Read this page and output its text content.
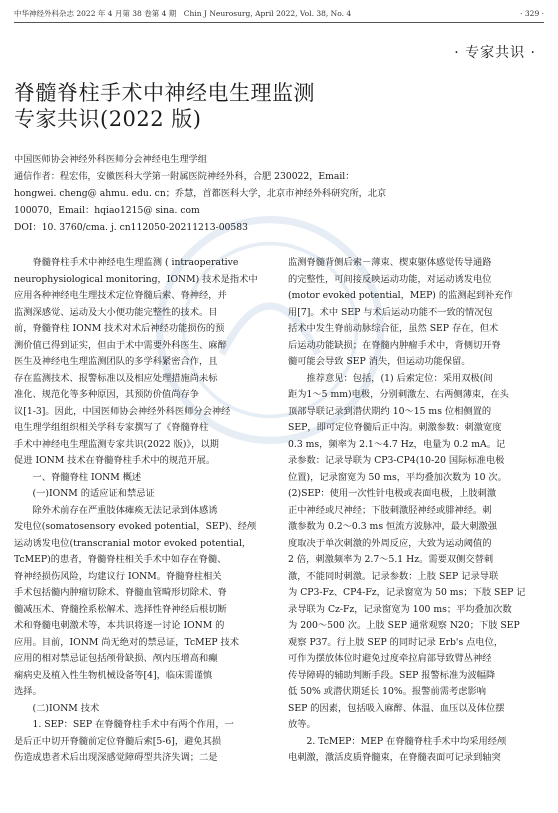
中华神经外科杂志 2022 年 4 月第 38 卷第 4 期　Chin J Neurosurg, April 2022, Vol. 38, No. 4	· 329 ·
· 专家共识 ·
脊髓脊柱手术中神经电生理监测
专家共识(2022 版)
中国医师协会神经外科医师分会神经电生理学组
通信作者：程宏伟，安徽医科大学第一附属医院神经外科，合肥 230022，Email：
hongwei. cheng@ ahmu. edu. cn；乔慧，首都医科大学，北京市神经外科研究所，北京
100070，Email：hqiao1215@ sina. com
DOI：10. 3760/cma. j. cn112050-20211213-00583
　　脊髓脊柱手术中神经电生理监测 ( intraoperative
neurophysiological monitoring，IONM) 技术是指术中
应用各种神经电生理技术定位脊髓后索、脊神经，并
监测深感觉、运动及大小便功能完整性的技术。目
前，脊髓脊柱 IONM 技术对术后神经功能损伤的预
测价值已得到证实，但由于术中需要外科医生、麻醉
医生及神经电生理监测团队的多学科紧密合作，且
存在监测技术、报警标准以及相应处理措施尚未标
准化、规范化等多种原因，其预防价值尚存争
议[1-3]。因此，中国医师协会神经外科医师分会神经
电生理学组组织相关学科专家撰写了《脊髓脊柱
手术中神经电生理监测专家共识(2022 版)》，以期
促进 IONM 技术在脊髓脊柱手术中的规范开展。
　　一、脊髓脊柱 IONM 概述
　　(一)IONM 的适应证和禁忌证
　　除外术前存在严重肢体瘫痪无法记录到体感诱
发电位(somatosensory evoked potential，SEP)、经颅
运动诱发电位(transcranial motor evoked potential，
TcMEP)的患者，脊髓脊柱相关手术中如存在脊髓、
脊神经损伤风险，均建议行 IONM。脊髓脊柱相关
手术包括髓内肿瘤切除术、脊髓血管畸形切除术、脊
髓减压术、脊髓拴系松解术、选择性脊神经后根切断
术和脊髓电刺激术等，本共识将逐一讨论 IONM 的
应用。目前，IONM 尚无绝对的禁忌证，TcMEP 技术
应用的相对禁忌证包括颅骨缺损、颅内压增高和癫
痫病史及植入性生物机械设备等[4]，临床需谨慎
选择。
　　(二)IONM 技术
　　1. SEP：SEP 在脊髓脊柱手术中有两个作用，一
是后正中切开脊髓前定位脊髓后索[5-6]，避免其损
伤造成患者术后出现深感觉障碍型共济失调；二是
监测脊髓背侧后索－薄束、楔束躯体感觉传导通路
的完整性，可间接反映运动功能，对运动诱发电位
(motor evoked potential，MEP) 的监测起到补充作
用[7]。术中 SEP 与术后运动功能不一致的情况包
括术中发生脊前动脉综合征，虽然 SEP 存在，但术
后运动功能缺损；在脊髓内肿瘤手术中，背侧切开脊
髓可能会导致 SEP 消失，但运动功能保留。
　　推荐意见：包括，(1) 后索定位：采用双极(间
距为1～5 mm)电极，分别刺激左、右两侧薄束，在头
顶部导联记录到潜伏期约 10～15 ms 位相侧置的
SEP，即可定位脊髓后正中沟。刺激参数：刺激宽度
0.3 ms，频率为 2.1～4.7 Hz，电量为 0.2 mA。记
录参数：记录导联为 CP3-CP4(10-20 国际标准电极
位置)，记录窗宽为 50 ms，平均叠加次数为 10 次。
(2)SEP：使用一次性针电极或表面电极，上肢刺激
正中神经或尺神经；下肢刺激胫神经或腓神经。刺
激参数为 0.2～0.3 ms 恒流方波脉冲，最大刺激强
度取决于单次刺激的外周反应，大致为运动阈值的
2 倍，刺激频率为 2.7～5.1 Hz。需要双侧交替刺
激，不能同时刺激。记录参数：上肢 SEP 记录导联
为 CP3-Fz、CP4-Fz，记录窗宽为 50 ms；下肢 SEP 记
录导联为 Cz-Fz，记录窗宽为 100 ms；平均叠加次数
为 200～500 次。上肢 SEP 通常观察 N20；下肢 SEP
观察 P37。行上肢 SEP 的同时记录 Erb's 点电位，
可作为摆放体位时避免过度牵拉肩部导致臂丛神经
传导障碍的辅助判断手段。SEP 报警标准为波幅降
低 50% 或潜伏期延长 10%。报警前需考虑影响
SEP 的因素，包括吸入麻醉、体温、血压以及体位摆
放等。
　　2. TcMEP：MEP 在脊髓脊柱手术中均采用经颅
电刺激，激活皮质脊髓束，在脊髓表面可记录到轴突
